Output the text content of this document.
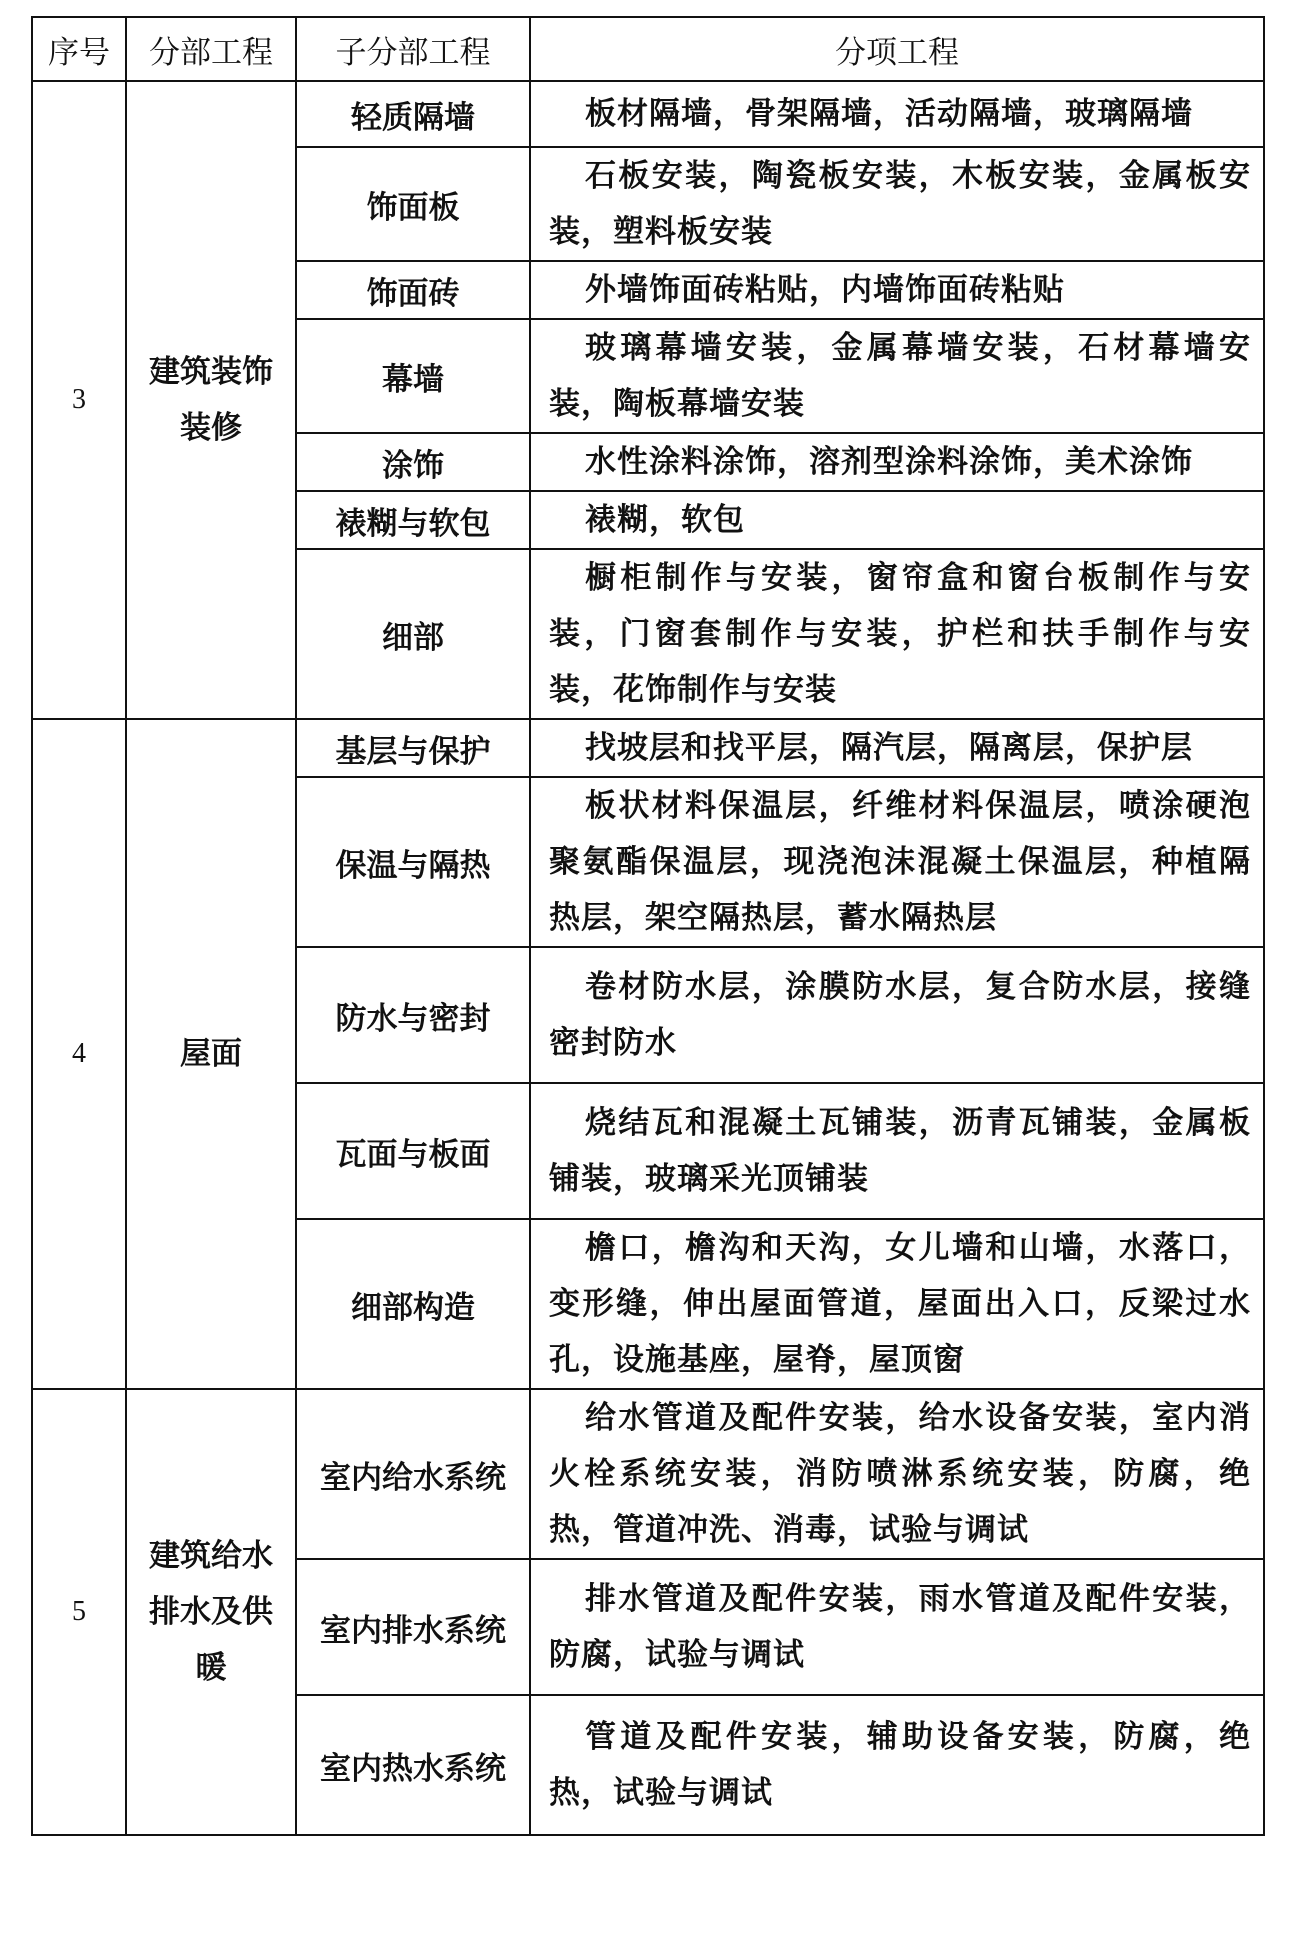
序号	分部工程	子分部工程	分项工程
3	建筑装饰装修	轻质隔墙	板材隔墙，骨架隔墙，活动隔墙，玻璃隔墙
		饰面板	石板安装，陶瓷板安装，木板安装，金属板安装，塑料板安装
		饰面砖	外墙饰面砖粘贴，内墙饰面砖粘贴
		幕墙	玻璃幕墙安装，金属幕墙安装，石材幕墙安装，陶板幕墙安装
		涂饰	水性涂料涂饰，溶剂型涂料涂饰，美术涂饰
		裱糊与软包	裱糊，软包
		细部	橱柜制作与安装，窗帘盒和窗台板制作与安装，门窗套制作与安装，护栏和扶手制作与安装，花饰制作与安装
4	屋面	基层与保护	找坡层和找平层，隔汽层，隔离层，保护层
		保温与隔热	板状材料保温层，纤维材料保温层，喷涂硬泡聚氨酯保温层，现浇泡沫混凝土保温层，种植隔热层，架空隔热层，蓄水隔热层
		防水与密封	卷材防水层，涂膜防水层，复合防水层，接缝密封防水
		瓦面与板面	烧结瓦和混凝土瓦铺装，沥青瓦铺装，金属板铺装，玻璃采光顶铺装
		细部构造	檐口，檐沟和天沟，女儿墙和山墙，水落口，变形缝，伸出屋面管道，屋面出入口，反梁过水孔，设施基座，屋脊，屋顶窗
5	建筑给水排水及供暖	室内给水系统	给水管道及配件安装，给水设备安装，室内消火栓系统安装，消防喷淋系统安装，防腐，绝热，管道冲洗、消毒，试验与调试
		室内排水系统	排水管道及配件安装，雨水管道及配件安装，防腐，试验与调试
		室内热水系统	管道及配件安装，辅助设备安装，防腐，绝热，试验与调试
